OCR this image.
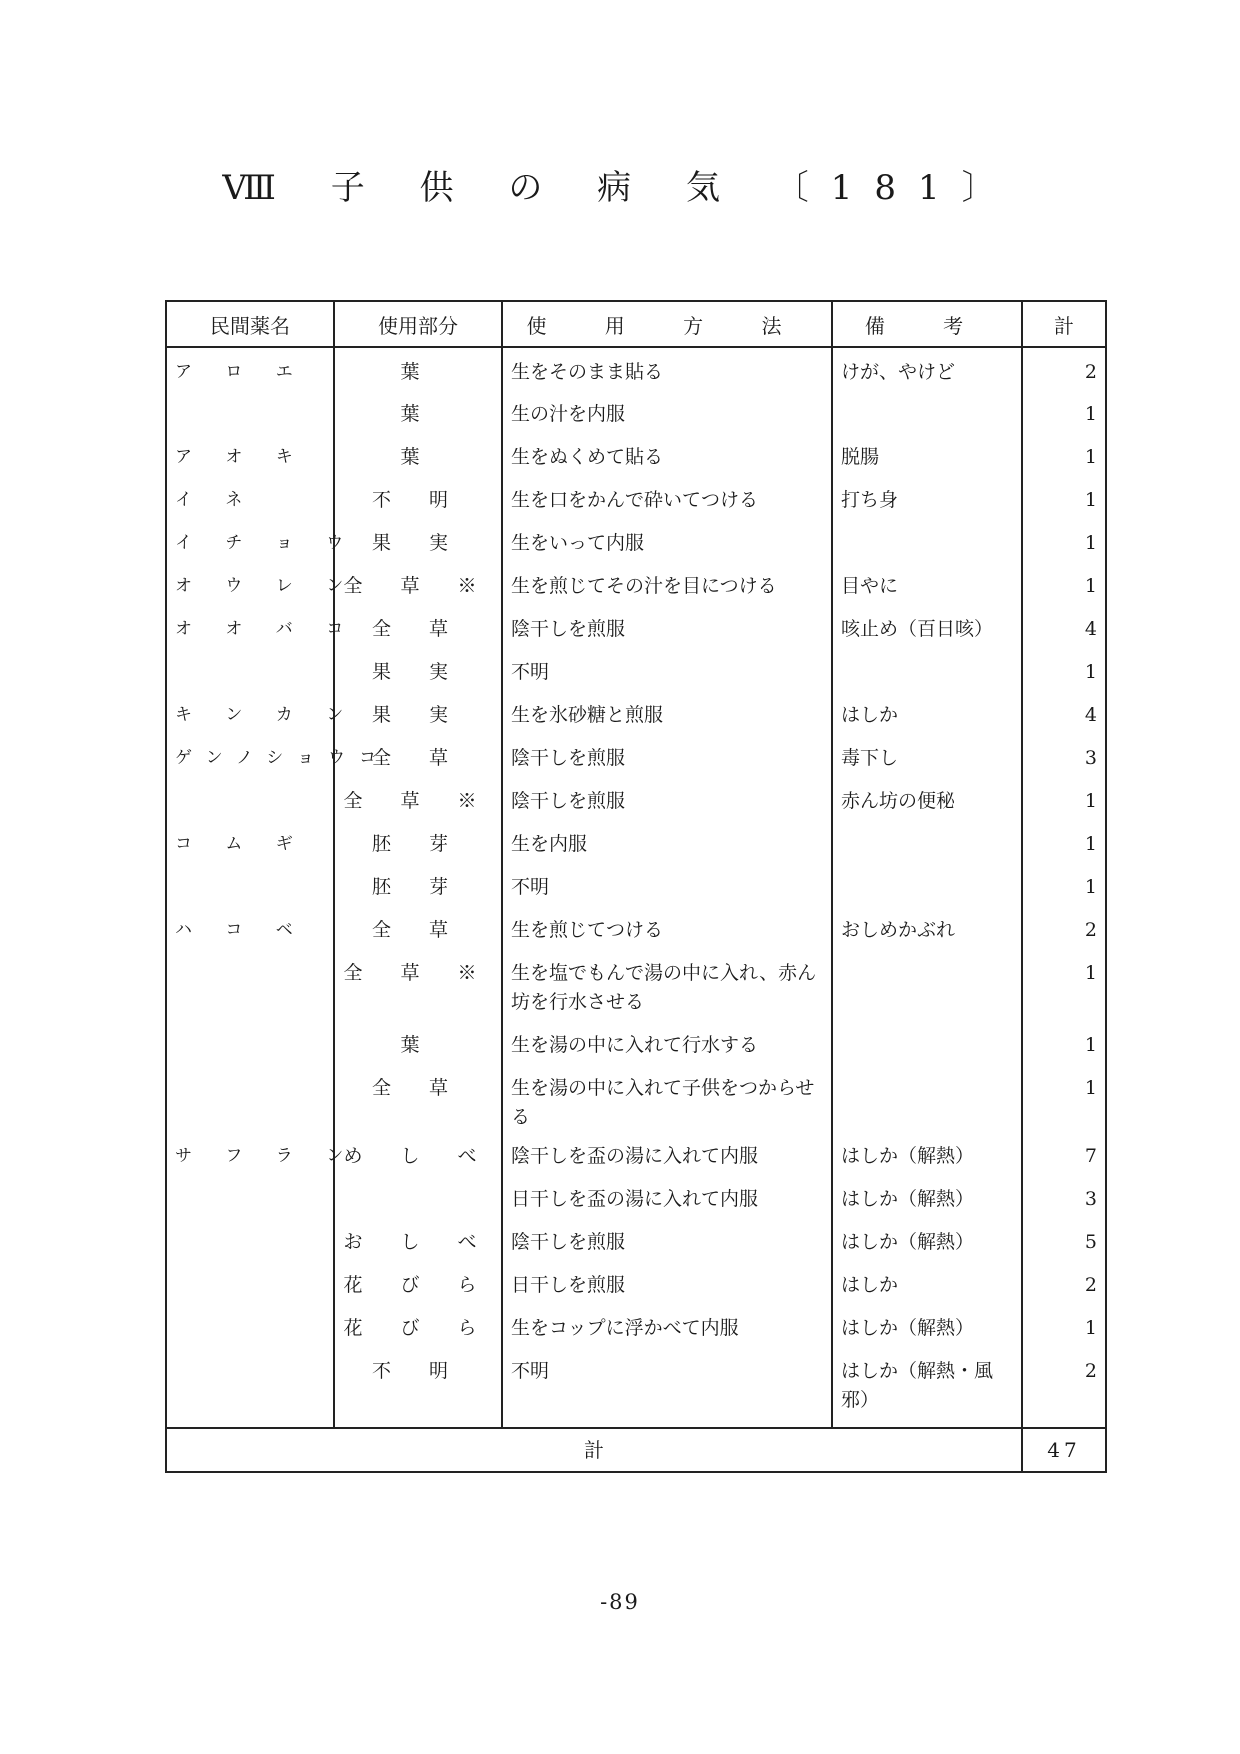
Ⅷ 子 供 の 病 気 〔181〕
民間薬名	使用部分	使 用 方 法	備 考	計
ア ロ エ	葉	生をそのまま貼る	けが、やけど	2
	葉	生の汁を内服		1
ア オ キ	葉	生をぬくめて貼る	脱腸	1
イ ネ	不 明	生を口をかんで砕いてつける	打ち身	1
イ チ ョ ウ	果 実	生をいって内服		1
オ ウ レ ン	全 草 ※	生を煎じてその汁を目につける	目やに	1
オ オ バ コ	全 草	陰干しを煎服	咳止め（百日咳）	4
	果 実	不明		1
キ ン カ ン	果 実	生を氷砂糖と煎服	はしか	4
ゲンノショウコ	全 草	陰干しを煎服	毒下し	3
	全 草 ※	陰干しを煎服	赤ん坊の便秘	1
コ ム ギ	胚 芽	生を内服		1
	胚 芽	不明		1
ハ コ ベ	全 草	生を煎じてつける	おしめかぶれ	2
	全 草 ※	生を塩でもんで湯の中に入れ、赤ん坊を行水させる		1
	葉	生を湯の中に入れて行水する		1
	全 草	生を湯の中に入れて子供をつからせる		1
サ フ ラ ン	め し べ	陰干しを盃の湯に入れて内服	はしか（解熱）	7
		日干しを盃の湯に入れて内服	はしか（解熱）	3
	お し べ	陰干しを煎服	はしか（解熱）	5
	花 び ら	日干しを煎服	はしか	2
	花 び ら	生をコップに浮かべて内服	はしか（解熱）	1
	不 明	不明	はしか（解熱・風邪）	2
計				47
-89
